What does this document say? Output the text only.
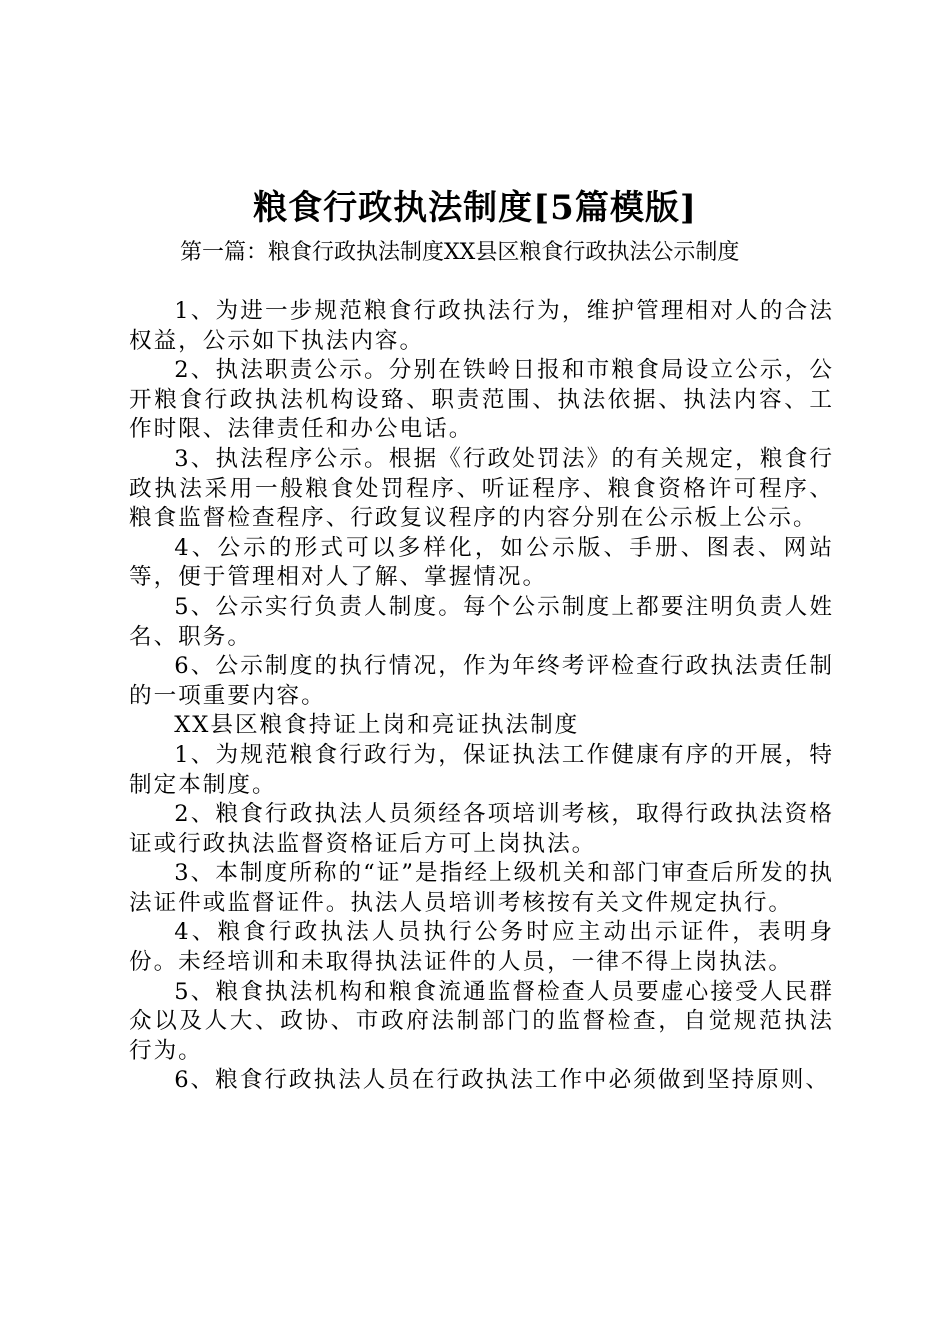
粮食行政执法制度[5篇模版]
第一篇：粮食行政执法制度XX县区粮食行政执法公示制度

1、为进一步规范粮食行政执法行为，维护管理相对人的合法权益，公示如下执法内容。

2、执法职责公示。分别在铁岭日报和市粮食局设立公示，公开粮食行政执法机构设臵、职责范围、执法依据、执法内容、工作时限、法律责任和办公电话。

3、执法程序公示。根据《行政处罚法》的有关规定，粮食行政执法采用一般粮食处罚程序、听证程序、粮食资格许可程序、粮食监督检查程序、行政复议程序的内容分别在公示板上公示。

4、公示的形式可以多样化，如公示版、手册、图表、网站等，便于管理相对人了解、掌握情况。

5、公示实行负责人制度。每个公示制度上都要注明负责人姓名、职务。

6、公示制度的执行情况，作为年终考评检查行政执法责任制的一项重要内容。

XX县区粮食持证上岗和亮证执法制度

1、为规范粮食行政行为，保证执法工作健康有序的开展，特制定本制度。

2、粮食行政执法人员须经各项培训考核，取得行政执法资格证或行政执法监督资格证后方可上岗执法。

3、本制度所称的“证”是指经上级机关和部门审查后所发的执法证件或监督证件。执法人员培训考核按有关文件规定执行。

4、粮食行政执法人员执行公务时应主动出示证件，表明身份。未经培训和未取得执法证件的人员，一律不得上岗执法。

5、粮食执法机构和粮食流通监督检查人员要虚心接受人民群众以及人大、政协、市政府法制部门的监督检查，自觉规范执法行为。

6、粮食行政执法人员在行政执法工作中必须做到坚持原则、
